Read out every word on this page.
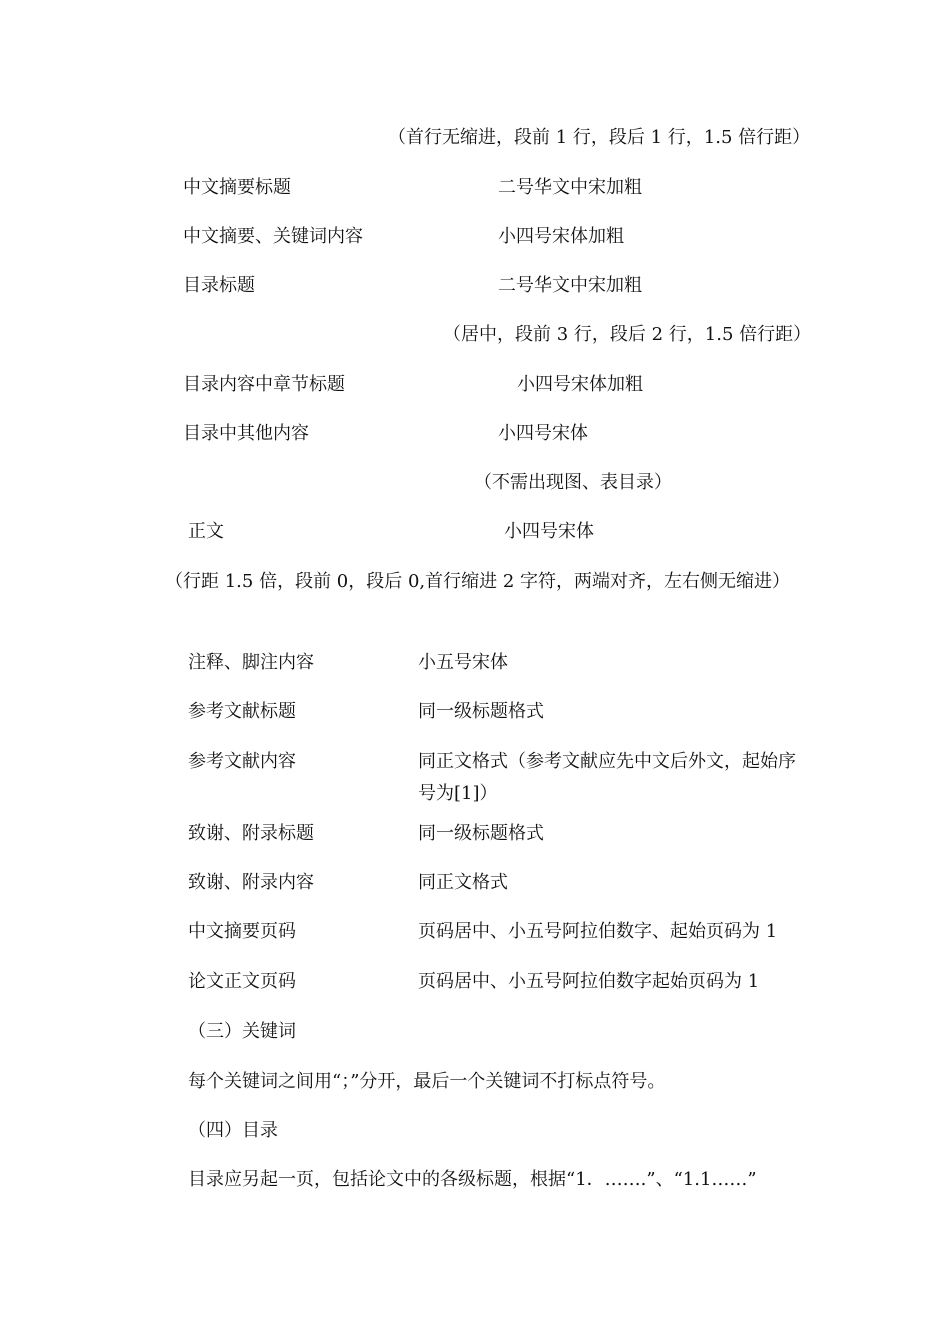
（首行无缩进，段前 1 行，段后 1 行，1.5 倍行距）
中文摘要标题	二号华文中宋加粗
中文摘要、关键词内容	小四号宋体加粗
目录标题	二号华文中宋加粗
（居中，段前 3 行，段后 2 行，1.5 倍行距）
目录内容中章节标题	小四号宋体加粗
目录中其他内容	小四号宋体
（不需出现图、表目录）
正文	小四号宋体
（行距 1.5 倍，段前 0，段后 0,首行缩进 2 字符，两端对齐，左右侧无缩进）
注释、脚注内容	小五号宋体
参考文献标题	同一级标题格式
参考文献内容	同正文格式（参考文献应先中文后外文，起始序号为[1]）
致谢、附录标题	同一级标题格式
致谢、附录内容	同正文格式
中文摘要页码	页码居中、小五号阿拉伯数字、起始页码为 1
论文正文页码	页码居中、小五号阿拉伯数字起始页码为 1
（三）关键词
每个关键词之间用“；”分开，最后一个关键词不打标点符号。
（四）目录
目录应另起一页，包括论文中的各级标题，根据“1．…….”、“1.1……”
